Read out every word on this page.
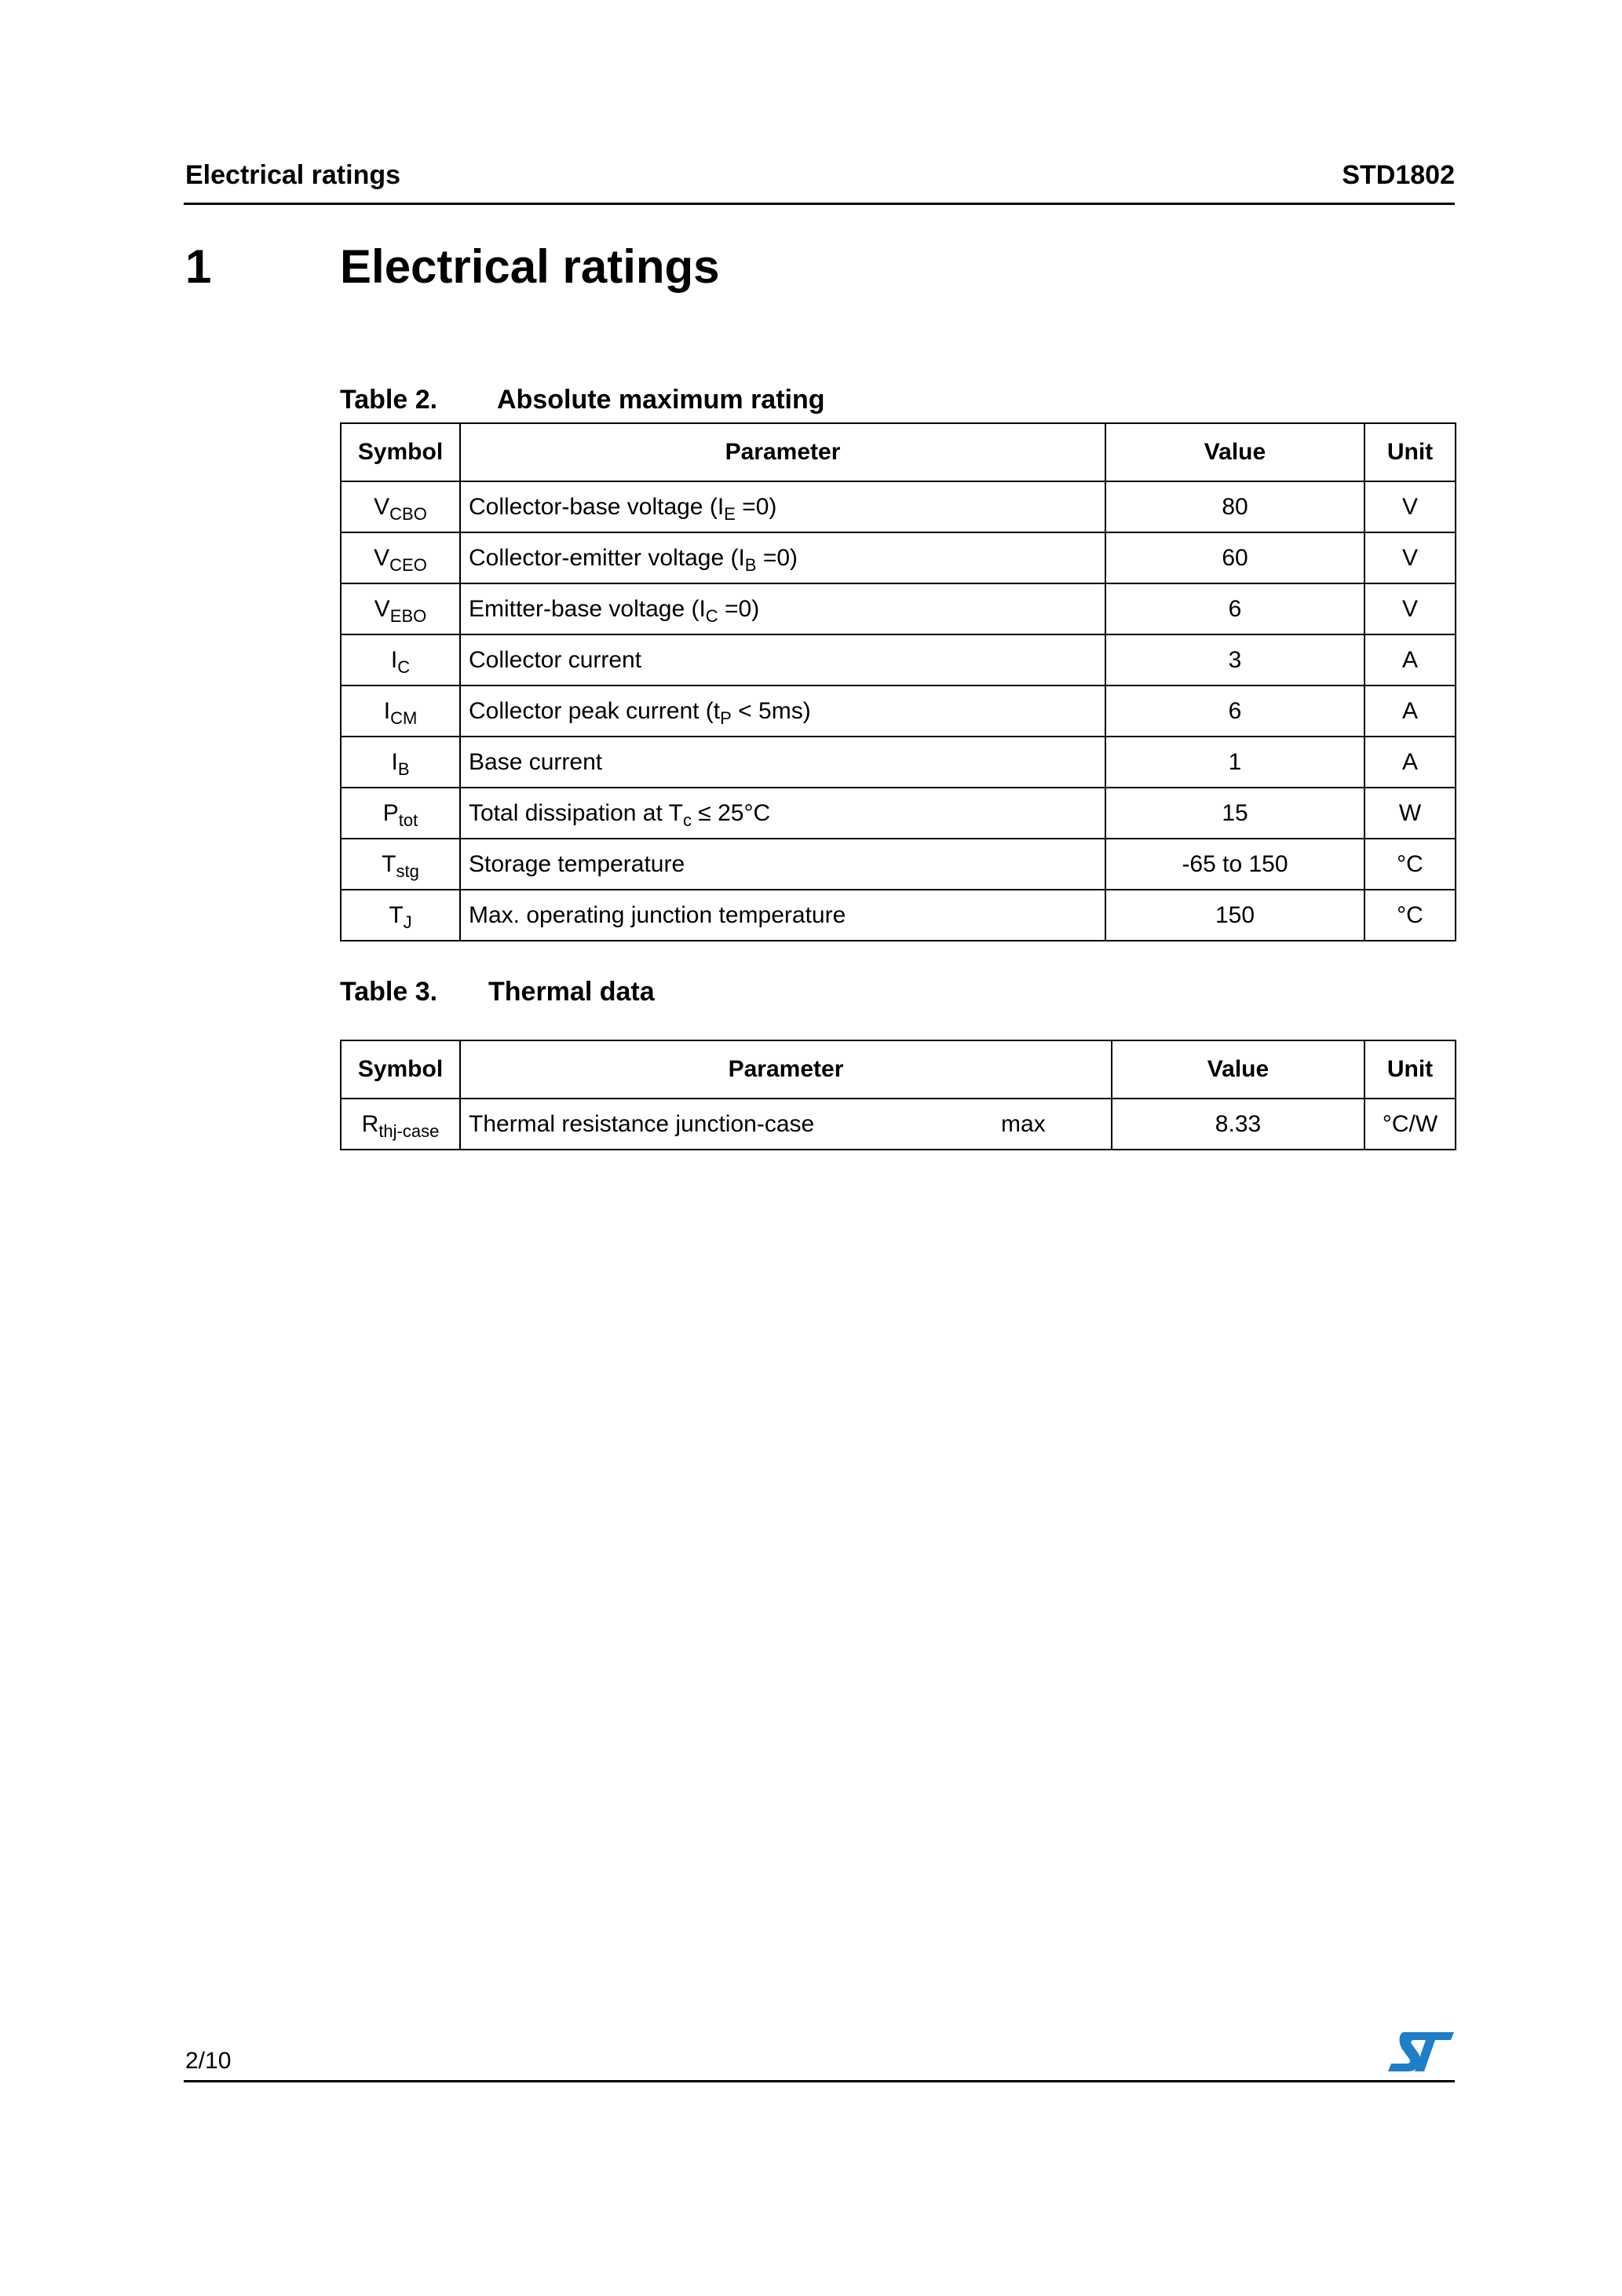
Electrical ratings	STD1802
1	Electrical ratings
Table 2. Absolute maximum rating
Symbol	Parameter	Value	Unit
$V_{CBO}$	Collector-base voltage $(I_E =0)$	80	V
$V_{CEO}$	Collector-emitter voltage $(I_B =0)$	60	V
$V_{EBO}$	Emitter-base voltage $(I_C =0)$	6	V
$I_C$	Collector current	3	A
$I_{CM}$	Collector peak current $(t_P < 5ms)$	6	A
$I_B$	Base current	1	A
$P_{tot}$	Total dissipation at $T_c \le 25^\circ C$	15	W
$T_{stg}$	Storage temperature	-65 to 150	°C
$T_J$	Max. operating junction temperature	150	°C
Table 3. Thermal data
Symbol	Parameter	Value	Unit
$R_{thj-case}$	Thermal resistance junction-case max	8.33	°C/W
2/10
